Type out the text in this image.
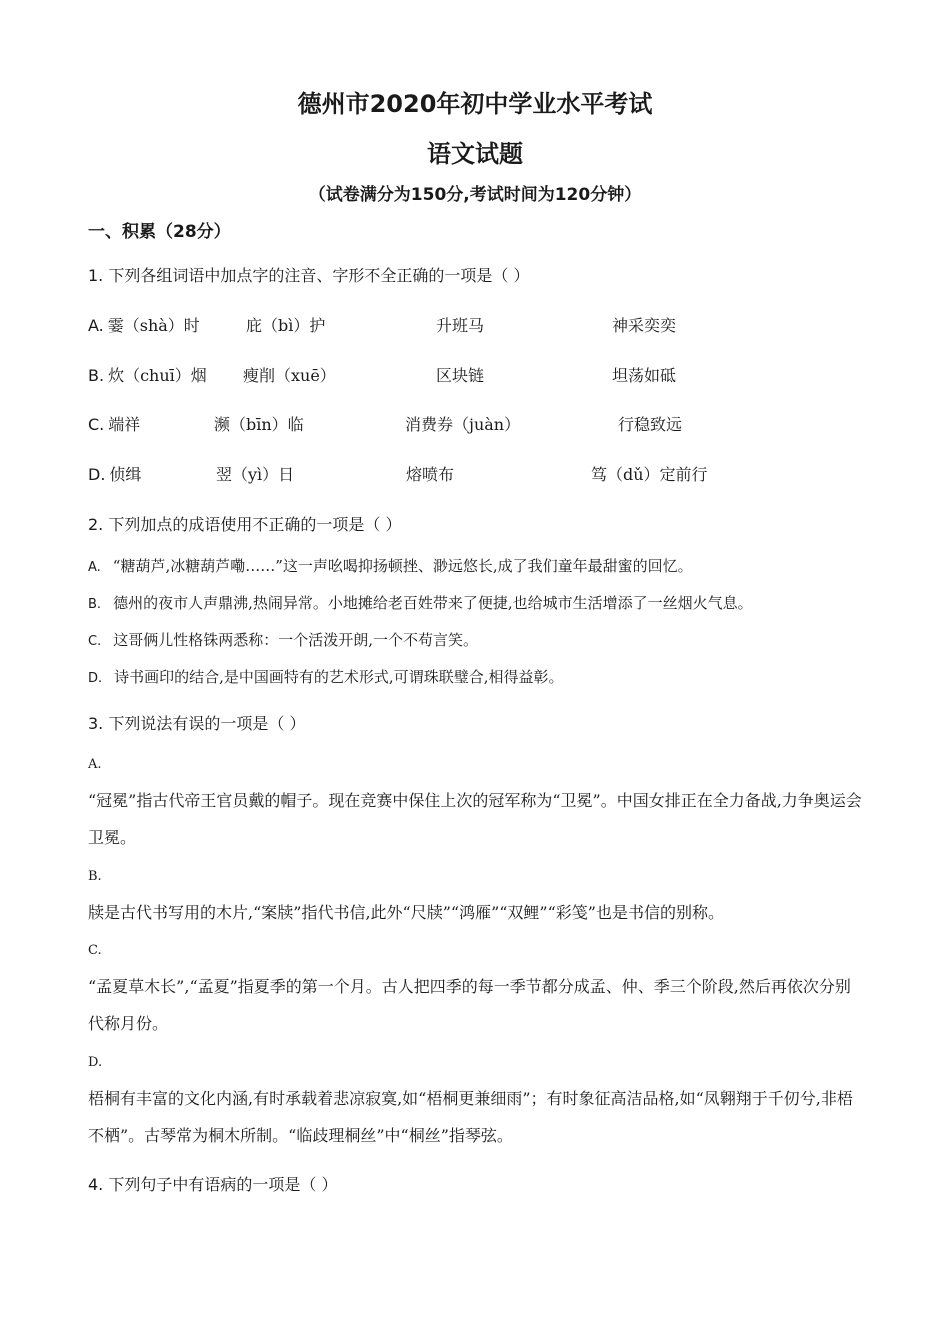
德州市2020年初中学业水平考试
语文试题
（试卷满分为150分,考试时间为120分钟）
一、积累（28分）
1. 下列各组词语中加点字的注音、字形不全正确的一项是（ ）
A. 霎（shà）时	庇（bì）护	升班马	神采奕奕
B. 炊（chuī）烟 瘦削（xuē）	区块链	坦荡如砥
C. 端祥	濒（bīn）临	消费券（juàn）	行稳致远
D. 侦缉	翌（yì）日	熔喷布	笃（dǔ）定前行
2. 下列加点的成语使用不正确的一项是（ ）
A. “糖葫芦,冰糖葫芦嘞……”这一声吆喝抑扬顿挫、渺远悠长,成了我们童年最甜蜜的回忆。
B. 德州的夜市人声鼎沸,热闹异常。小地摊给老百姓带来了便捷,也给城市生活增添了一丝烟火气息。
C. 这哥俩儿性格铢两悉称：一个活泼开朗,一个不苟言笑。
D. 诗书画印的结合,是中国画特有的艺术形式,可谓珠联璧合,相得益彰。
3. 下列说法有误的一项是（ ）
A.
“冠冕”指古代帝王官员戴的帽子。现在竞赛中保住上次的冠军称为“卫冕”。中国女排正在全力备战,力争奥运会卫冕。
B.
牍是古代书写用的木片,“案牍”指代书信,此外“尺牍”“鸿雁”“双鲤”“彩笺”也是书信的别称。
C.
“孟夏草木长”,“孟夏”指夏季的第一个月。古人把四季的每一季节都分成孟、仲、季三个阶段,然后再依次分别代称月份。
D.
梧桐有丰富的文化内涵,有时承载着悲凉寂寞,如“梧桐更兼细雨”；有时象征高洁品格,如“凤翱翔于千仞兮,非梧不栖”。古琴常为桐木所制。“临歧理桐丝”中“桐丝”指琴弦。
4. 下列句子中有语病的一项是（ ）
